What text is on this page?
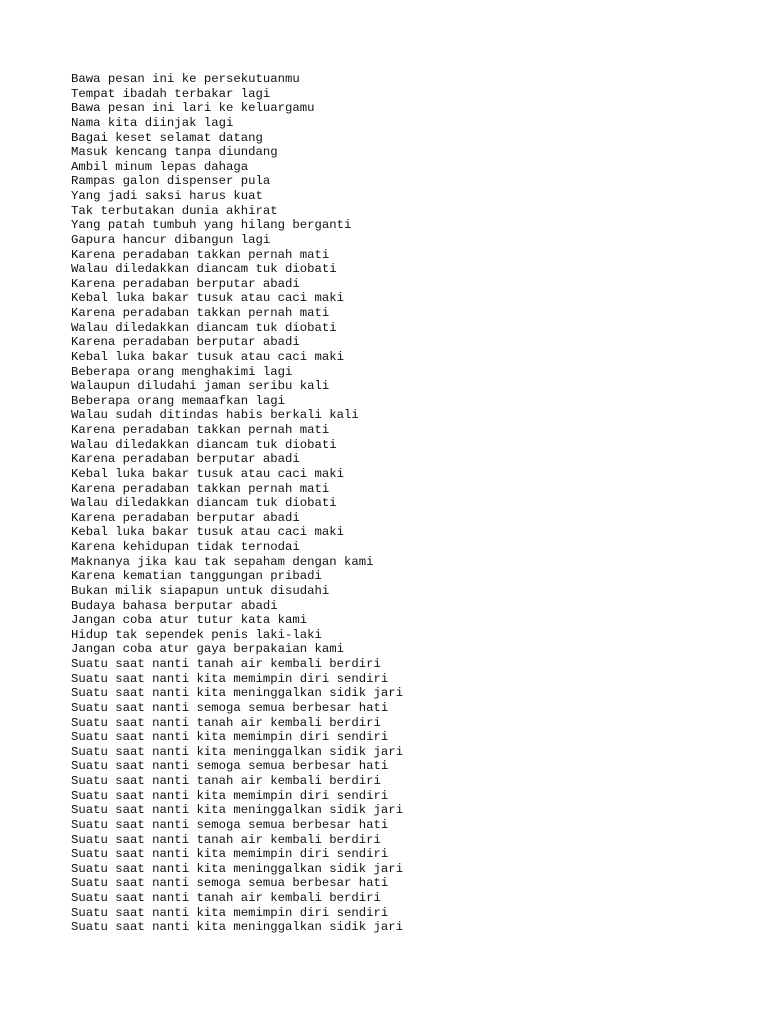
Bawa pesan ini ke persekutuanmu
Tempat ibadah terbakar lagi
Bawa pesan ini lari ke keluargamu
Nama kita diinjak lagi
Bagai keset selamat datang
Masuk kencang tanpa diundang
Ambil minum lepas dahaga
Rampas galon dispenser pula
Yang jadi saksi harus kuat
Tak terbutakan dunia akhirat
Yang patah tumbuh yang hilang berganti
Gapura hancur dibangun lagi
Karena peradaban takkan pernah mati
Walau diledakkan diancam tuk diobati
Karena peradaban berputar abadi
Kebal luka bakar tusuk atau caci maki
Karena peradaban takkan pernah mati
Walau diledakkan diancam tuk diobati
Karena peradaban berputar abadi
Kebal luka bakar tusuk atau caci maki
Beberapa orang menghakimi lagi
Walaupun diludahi jaman seribu kali
Beberapa orang memaafkan lagi
Walau sudah ditindas habis berkali kali
Karena peradaban takkan pernah mati
Walau diledakkan diancam tuk diobati
Karena peradaban berputar abadi
Kebal luka bakar tusuk atau caci maki
Karena peradaban takkan pernah mati
Walau diledakkan diancam tuk diobati
Karena peradaban berputar abadi
Kebal luka bakar tusuk atau caci maki
Karena kehidupan tidak ternodai
Maknanya jika kau tak sepaham dengan kami
Karena kematian tanggungan pribadi
Bukan milik siapapun untuk disudahi
Budaya bahasa berputar abadi
Jangan coba atur tutur kata kami
Hidup tak sependek penis laki-laki
Jangan coba atur gaya berpakaian kami
Suatu saat nanti tanah air kembali berdiri
Suatu saat nanti kita memimpin diri sendiri
Suatu saat nanti kita meninggalkan sidik jari
Suatu saat nanti semoga semua berbesar hati
Suatu saat nanti tanah air kembali berdiri
Suatu saat nanti kita memimpin diri sendiri
Suatu saat nanti kita meninggalkan sidik jari
Suatu saat nanti semoga semua berbesar hati
Suatu saat nanti tanah air kembali berdiri
Suatu saat nanti kita memimpin diri sendiri
Suatu saat nanti kita meninggalkan sidik jari
Suatu saat nanti semoga semua berbesar hati
Suatu saat nanti tanah air kembali berdiri
Suatu saat nanti kita memimpin diri sendiri
Suatu saat nanti kita meninggalkan sidik jari
Suatu saat nanti semoga semua berbesar hati
Suatu saat nanti tanah air kembali berdiri
Suatu saat nanti kita memimpin diri sendiri
Suatu saat nanti kita meninggalkan sidik jari
